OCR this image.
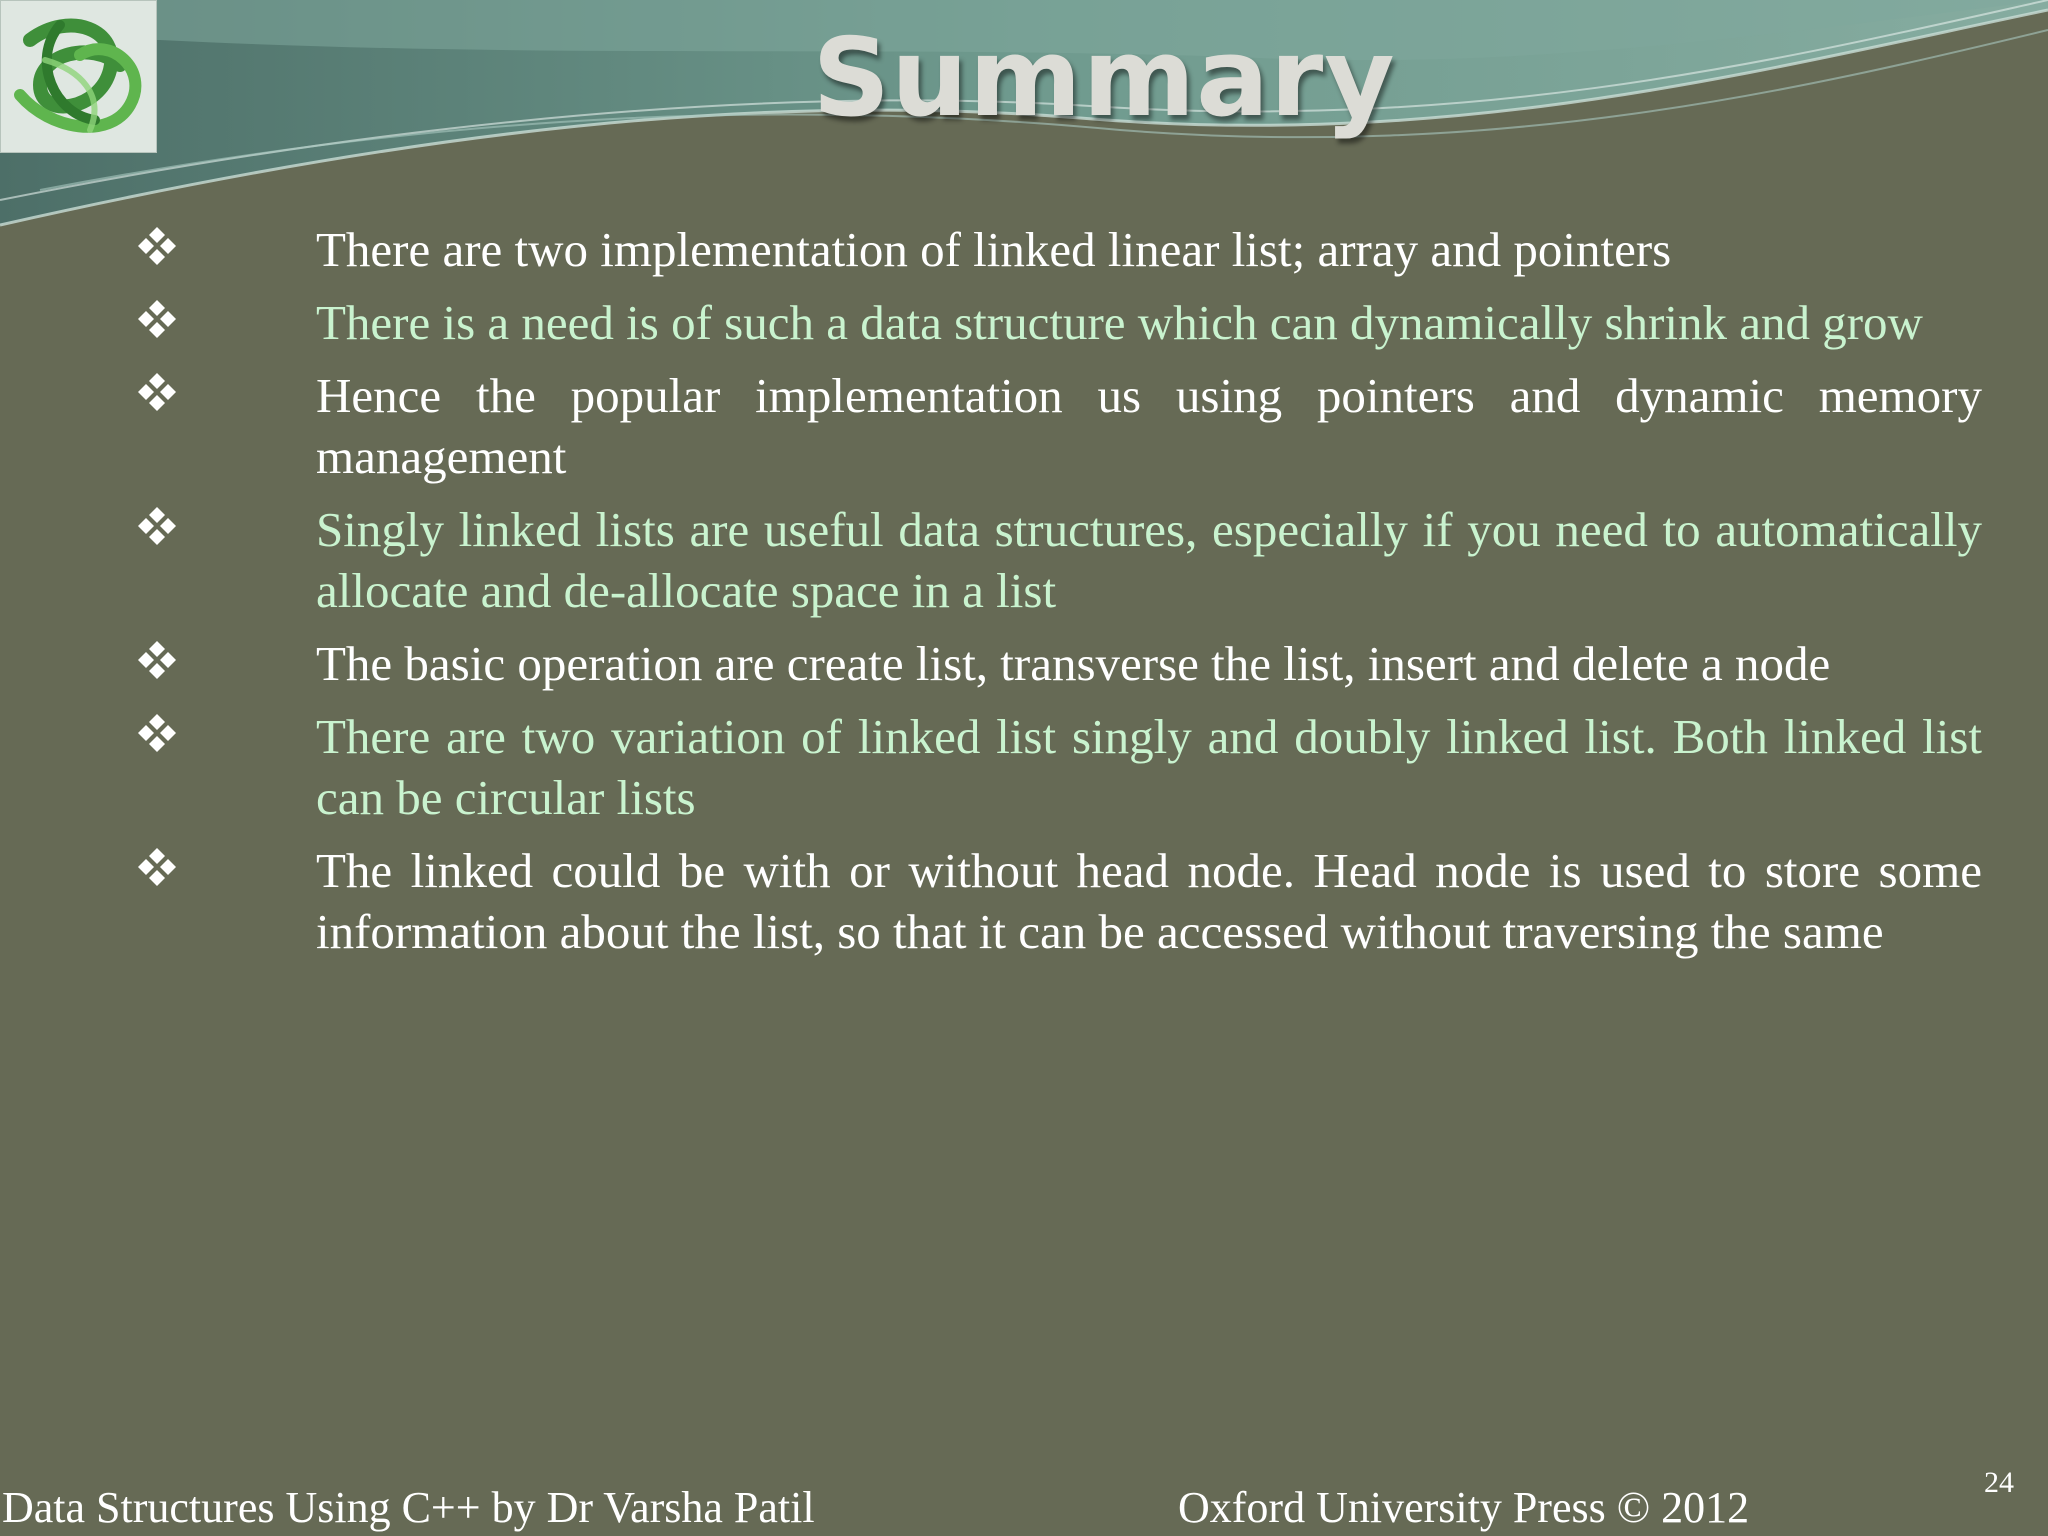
Summary
There are two implementation of linked linear list; array and pointers
There is a need is of such a data structure which can dynamically shrink and grow
Hence the popular implementation us using pointers and dynamic memory management
Singly linked lists are useful data structures, especially if you need to automatically allocate and de-allocate space in a list
The basic operation are create list, transverse the list, insert and delete a node
There are two variation of linked list singly and doubly linked list. Both linked list can be circular lists
The linked could be with or without head node. Head node is used to store some information about the list, so that it can be accessed without traversing the same
Data Structures Using C++ by Dr Varsha Patil	Oxford University Press © 2012
24
